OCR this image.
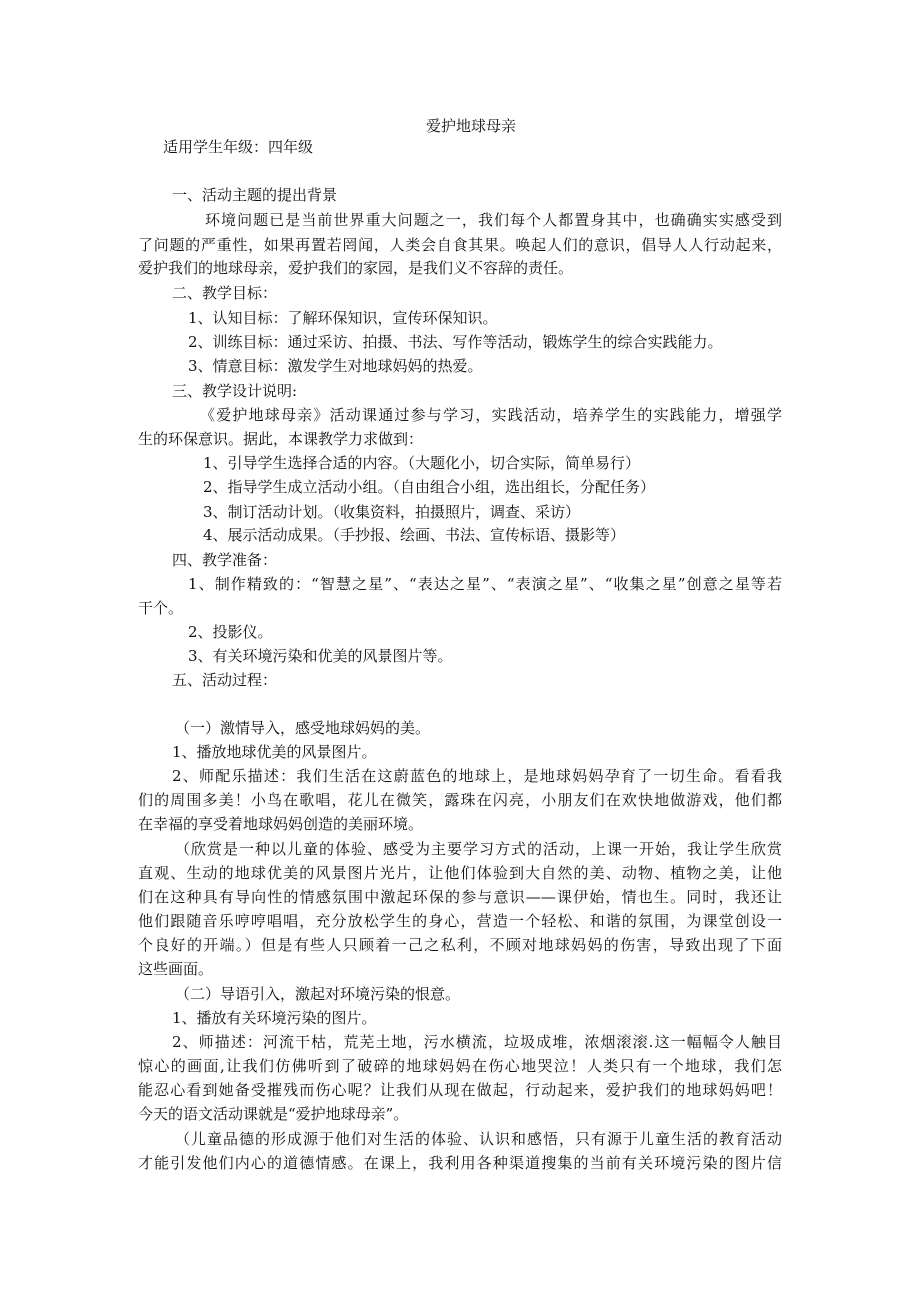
爱护地球母亲
适用学生年级：四年级
一、活动主题的提出背景
环境问题已是当前世界重大问题之一，我们每个人都置身其中，也确确实实感受到
了问题的严重性，如果再置若罔闻，人类会自食其果。唤起人们的意识，倡导人人行动起来，
爱护我们的地球母亲，爱护我们的家园，是我们义不容辞的责任。
二、教学目标：
1、认知目标：了解环保知识，宣传环保知识。
2、训练目标：通过采访、拍摄、书法、写作等活动，锻炼学生的综合实践能力。
3、情意目标：激发学生对地球妈妈的热爱。
三、教学设计说明:
《爱护地球母亲》活动课通过参与学习，实践活动，培养学生的实践能力，增强学
生的环保意识。据此，本课教学力求做到：
1、引导学生选择合适的内容。（大题化小，切合实际，简单易行）
2、指导学生成立活动小组。（自由组合小组，选出组长，分配任务）
3、制订活动计划。（收集资料，拍摄照片，调查、采访）
4、展示活动成果。（手抄报、绘画、书法、宣传标语、摄影等）
四、教学准备：
1、制作精致的：“智慧之星”、“表达之星”、“表演之星”、“收集之星”创意之星等若
干个。
2、投影仪。
3、有关环境污染和优美的风景图片等。
五、活动过程：
（一）激情导入，感受地球妈妈的美。
1、播放地球优美的风景图片。
2、师配乐描述：我们生活在这蔚蓝色的地球上，是地球妈妈孕育了一切生命。看看我
们的周围多美！小鸟在歌唱，花儿在微笑，露珠在闪亮，小朋友们在欢快地做游戏，他们都
在幸福的享受着地球妈妈创造的美丽环境。
（欣赏是一种以儿童的体验、感受为主要学习方式的活动，上课一开始，我让学生欣赏
直观、生动的地球优美的风景图片光片，让他们体验到大自然的美、动物、植物之美，让他
们在这种具有导向性的情感氛围中激起环保的参与意识——课伊始，情也生。同时，我还让
他们跟随音乐哼哼唱唱，充分放松学生的身心，营造一个轻松、和谐的氛围，为课堂创设一
个良好的开端。）但是有些人只顾着一己之私利，不顾对地球妈妈的伤害，导致出现了下面
这些画面。
（二）导语引入，激起对环境污染的恨意。
1、播放有关环境污染的图片。
2、师描述：河流干枯，荒芜土地，污水横流，垃圾成堆，浓烟滚滚.这一幅幅令人触目
惊心的画面,让我们仿佛听到了破碎的地球妈妈在伤心地哭泣！人类只有一个地球，我们怎
能忍心看到她备受摧残而伤心呢？让我们从现在做起，行动起来，爱护我们的地球妈妈吧！
今天的语文活动课就是“爱护地球母亲”。
（儿童品德的形成源于他们对生活的体验、认识和感悟，只有源于儿童生活的教育活动
才能引发他们内心的道德情感。在课上，我利用各种渠道搜集的当前有关环境污染的图片信
